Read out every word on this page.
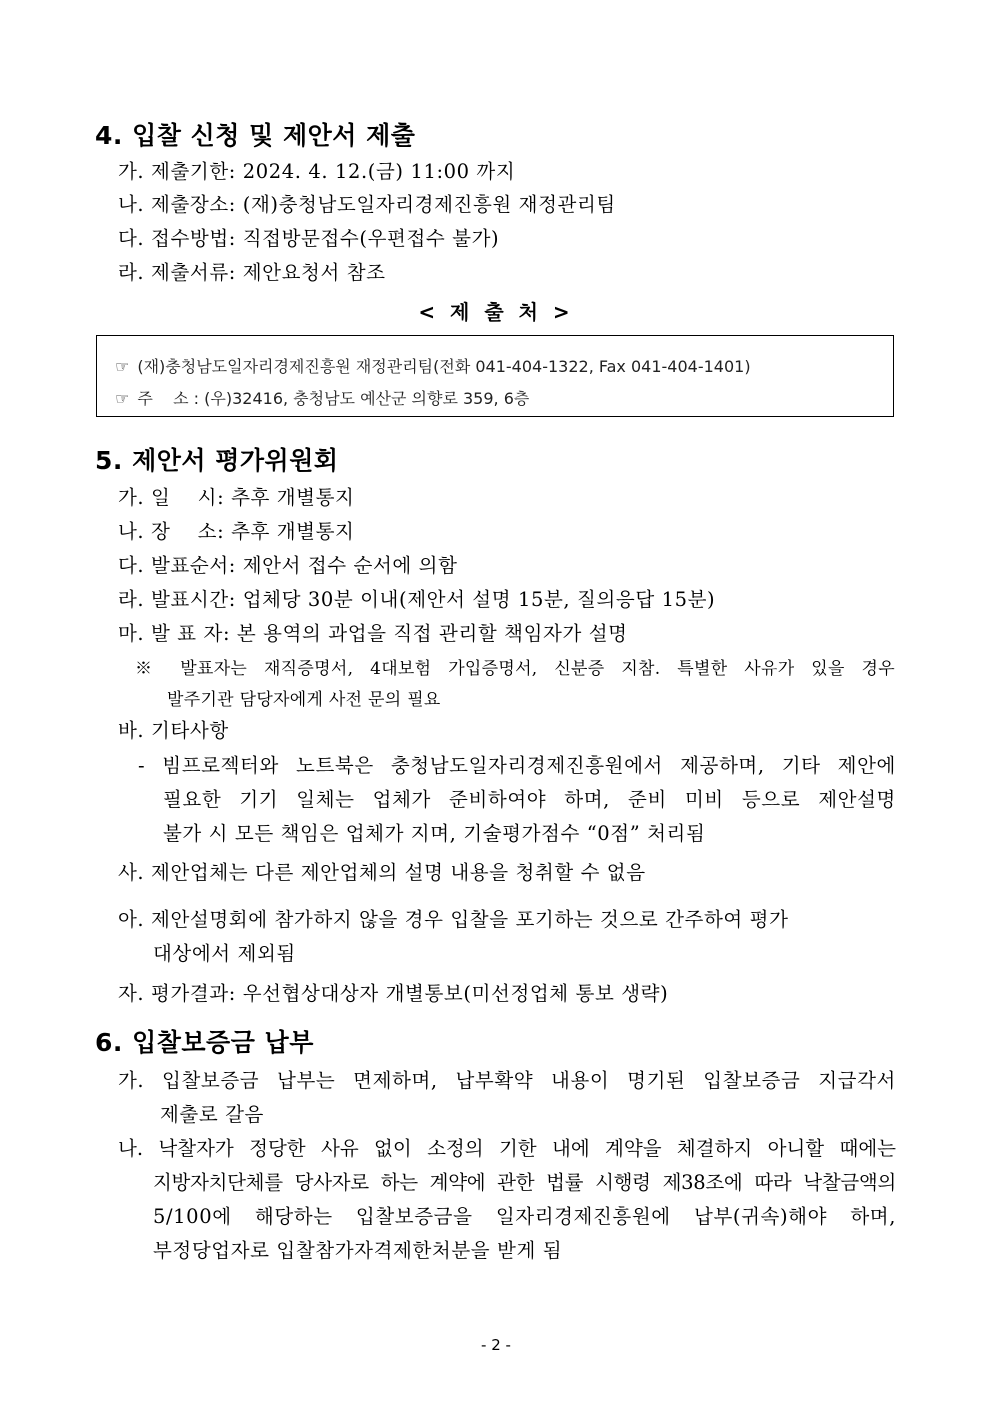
4. 입찰 신청 및 제안서 제출
가. 제출기한: 2024. 4. 12.(금) 11:00 까지
나. 제출장소: (재)충청남도일자리경제진흥원 재정관리팀
다. 접수방법: 직접방문접수(우편접수 불가)
라. 제출서류: 제안요청서 참조
< 제 출 처 >
☞ (재)충청남도일자리경제진흥원 재정관리팀(전화 041-404-1322, Fax 041-404-1401)
☞ 주    소 : (우)32416, 충청남도 예산군 의향로 359, 6층
5. 제안서 평가위원회
가. 일    시: 추후 개별통지
나. 장    소: 추후 개별통지
다. 발표순서: 제안서 접수 순서에 의함
라. 발표시간: 업체당 30분 이내(제안서 설명 15분, 질의응답 15분)
마. 발 표 자: 본 용역의 과업을 직접 관리할 책임자가 설명
※ 발표자는 재직증명서, 4대보험 가입증명서, 신분증 지참. 특별한 사유가 있을 경우
발주기관 담당자에게 사전 문의 필요
바. 기타사항
- 빔프로젝터와 노트북은 충청남도일자리경제진흥원에서 제공하며, 기타 제안에
필요한 기기 일체는 업체가 준비하여야 하며, 준비 미비 등으로 제안설명
불가 시 모든 책임은 업체가 지며, 기술평가점수 “0점” 처리됨
사. 제안업체는 다른 제안업체의 설명 내용을 청취할 수 없음
아. 제안설명회에 참가하지 않을 경우 입찰을 포기하는 것으로 간주하여 평가
대상에서 제외됨
자. 평가결과: 우선협상대상자 개별통보(미선정업체 통보 생략)
6. 입찰보증금 납부
가. 입찰보증금 납부는 면제하며, 납부확약 내용이 명기된 입찰보증금 지급각서
제출로 갈음
나. 낙찰자가 정당한 사유 없이 소정의 기한 내에 계약을 체결하지 아니할 때에는
지방자치단체를 당사자로 하는 계약에 관한 법률 시행령 제38조에 따라 낙찰금액의
5/100에 해당하는 입찰보증금을 일자리경제진흥원에 납부(귀속)해야 하며,
부정당업자로 입찰참가자격제한처분을 받게 됨
- 2 -
